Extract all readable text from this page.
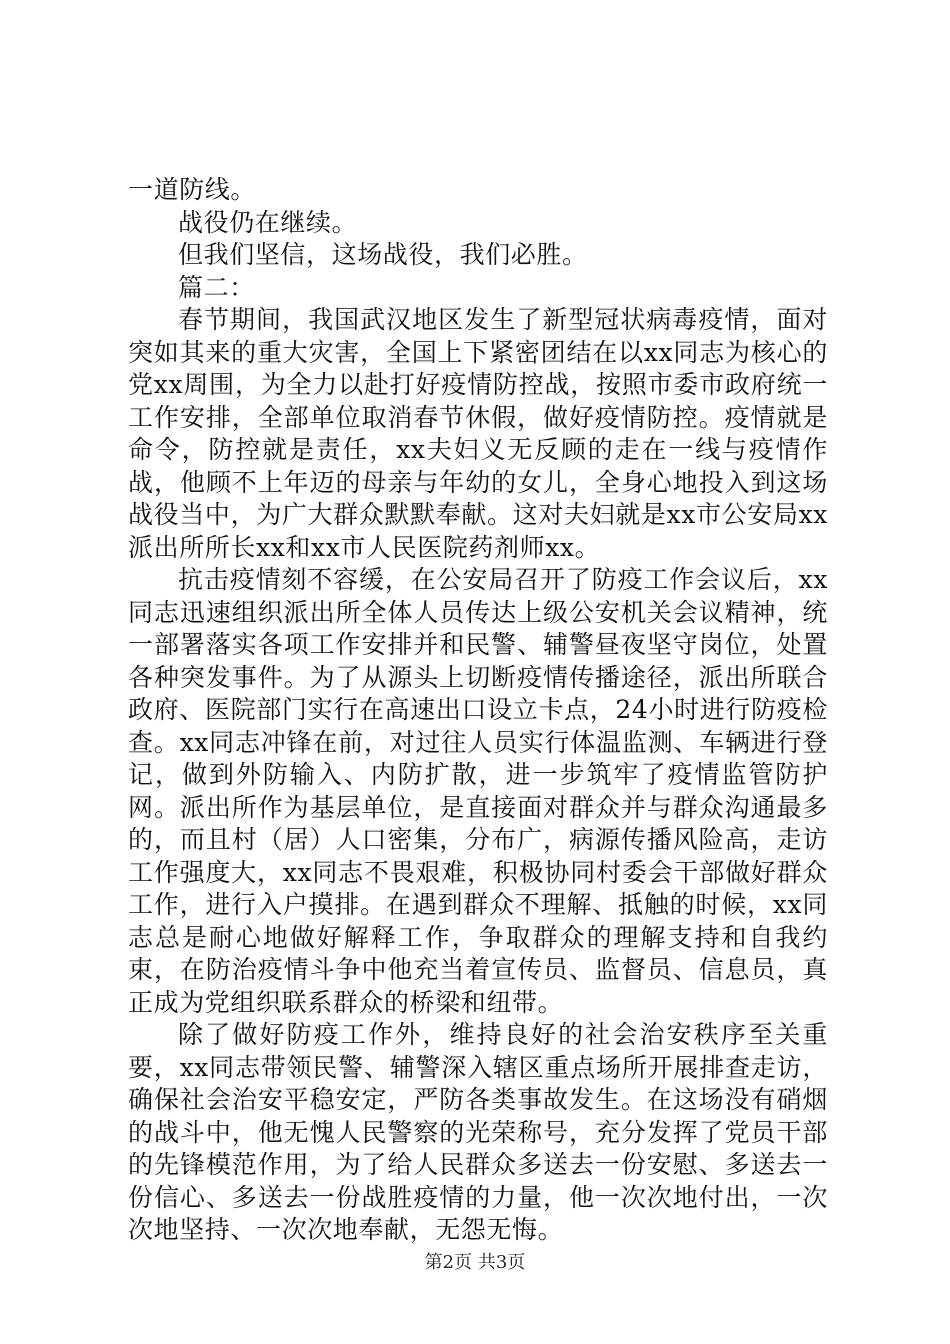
一道防线。

战役仍在继续。

但我们坚信，这场战役，我们必胜。

篇二：

春节期间，我国武汉地区发生了新型冠状病毒疫情，面对突如其来的重大灾害，全国上下紧密团结在以xx同志为核心的党xx周围，为全力以赴打好疫情防控战，按照市委市政府统一工作安排，全部单位取消春节休假，做好疫情防控。疫情就是命令，防控就是责任，xx夫妇义无反顾的走在一线与疫情作战，他顾不上年迈的母亲与年幼的女儿，全身心地投入到这场战役当中，为广大群众默默奉献。这对夫妇就是xx市公安局xx派出所所长xx和xx市人民医院药剂师xx。

抗击疫情刻不容缓，在公安局召开了防疫工作会议后，xx同志迅速组织派出所全体人员传达上级公安机关会议精神，统一部署落实各项工作安排并和民警、辅警昼夜坚守岗位，处置各种突发事件。为了从源头上切断疫情传播途径，派出所联合政府、医院部门实行在高速出口设立卡点，24小时进行防疫检查。xx同志冲锋在前，对过往人员实行体温监测、车辆进行登记，做到外防输入、内防扩散，进一步筑牢了疫情监管防护网。派出所作为基层单位，是直接面对群众并与群众沟通最多的，而且村（居）人口密集，分布广，病源传播风险高，走访工作强度大，xx同志不畏艰难，积极协同村委会干部做好群众工作，进行入户摸排。在遇到群众不理解、抵触的时候，xx同志总是耐心地做好解释工作，争取群众的理解支持和自我约束，在防治疫情斗争中他充当着宣传员、监督员、信息员，真正成为党组织联系群众的桥梁和纽带。

除了做好防疫工作外，维持良好的社会治安秩序至关重要，xx同志带领民警、辅警深入辖区重点场所开展排查走访，确保社会治安平稳安定，严防各类事故发生。在这场没有硝烟的战斗中，他无愧人民警察的光荣称号，充分发挥了党员干部的先锋模范作用，为了给人民群众多送去一份安慰、多送去一份信心、多送去一份战胜疫情的力量，他一次次地付出，一次次地坚持、一次次地奉献，无怨无悔。

第2页 共3页
